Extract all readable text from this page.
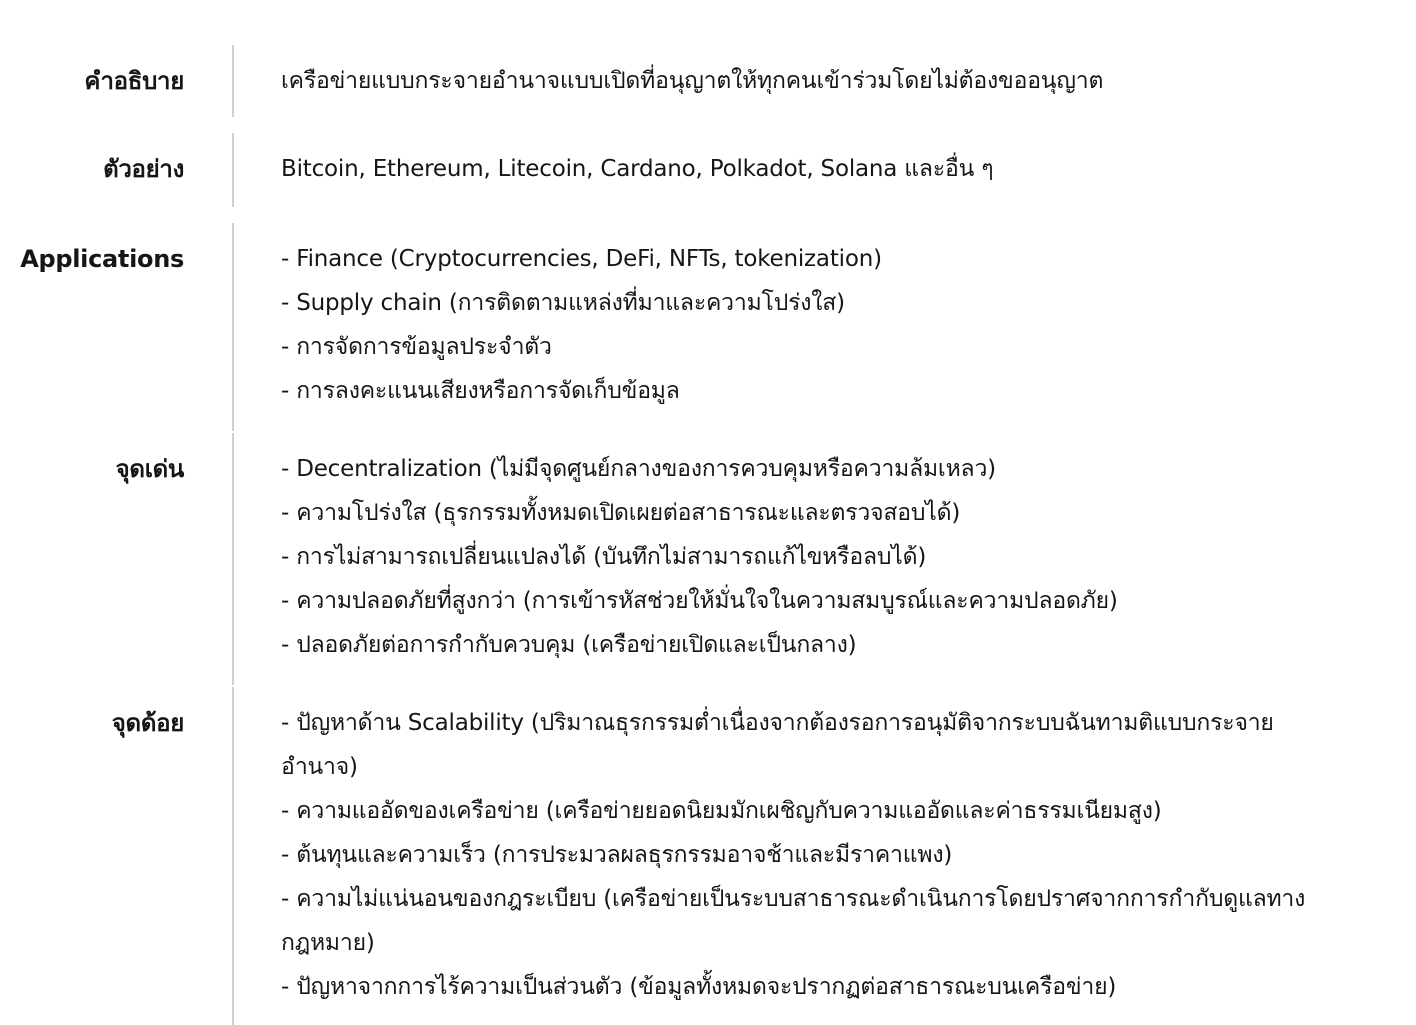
คำอธิบาย	เครือข่ายแบบกระจายอำนาจแบบเปิดที่อนุญาตให้ทุกคนเข้าร่วมโดยไม่ต้องขออนุญาต
ตัวอย่าง	Bitcoin, Ethereum, Litecoin, Cardano, Polkadot, Solana และอื่น ๆ
Applications	- Finance (Cryptocurrencies, DeFi, NFTs, tokenization)
- Supply chain (การติดตามแหล่งที่มาและความโปร่งใส)
- การจัดการข้อมูลประจำตัว
- การลงคะแนนเสียงหรือการจัดเก็บข้อมูล
จุดเด่น	- Decentralization (ไม่มีจุดศูนย์กลางของการควบคุมหรือความล้มเหลว)
- ความโปร่งใส (ธุรกรรมทั้งหมดเปิดเผยต่อสาธารณะและตรวจสอบได้)
- การไม่สามารถเปลี่ยนแปลงได้ (บันทึกไม่สามารถแก้ไขหรือลบได้)
- ความปลอดภัยที่สูงกว่า (การเข้ารหัสช่วยให้มั่นใจในความสมบูรณ์และความปลอดภัย)
- ปลอดภัยต่อการกำกับควบคุม (เครือข่ายเปิดและเป็นกลาง)
จุดด้อย	- ปัญหาด้าน Scalability (ปริมาณธุรกรรมต่ำเนื่องจากต้องรอการอนุมัติจากระบบฉันทามติแบบกระจายอำนาจ)
- ความแออัดของเครือข่าย (เครือข่ายยอดนิยมมักเผชิญกับความแออัดและค่าธรรมเนียมสูง)
- ต้นทุนและความเร็ว (การประมวลผลธุรกรรมอาจช้าและมีราคาแพง)
- ความไม่แน่นอนของกฎระเบียบ (เครือข่ายเป็นระบบสาธารณะดำเนินการโดยปราศจากการกำกับดูแลทางกฎหมาย)
- ปัญหาจากการไร้ความเป็นส่วนตัว (ข้อมูลทั้งหมดจะปรากฏต่อสาธารณะบนเครือข่าย)
